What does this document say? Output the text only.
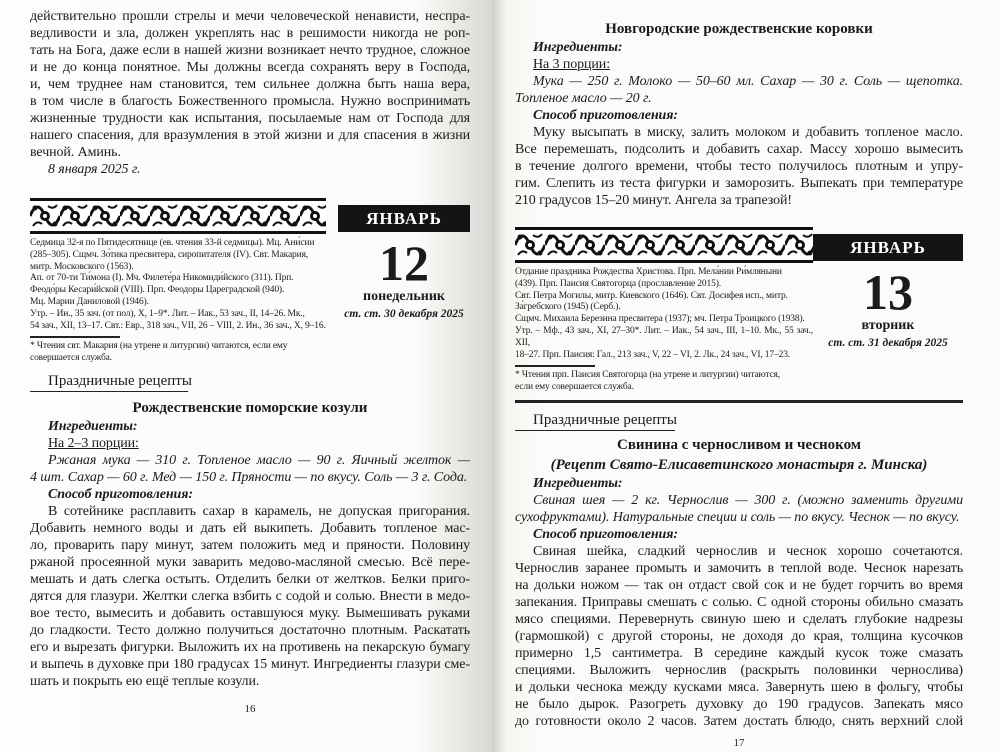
действительно прошли стрелы и мечи человеческой ненависти, неспра-
ведливости и зла, должен укреплять нас в решимости никогда не роп-
тать на Бога, даже если в нашей жизни возникает нечто трудное, сложное
и не до конца понятное. Мы должны всегда сохранять веру в Господа,
и, чем труднее нам становится, тем сильнее должна быть наша вера,
в том числе в благость Божественного промысла. Нужно воспринимать
жизненные трудности как испытания, посылаемые нам от Господа для
нашего спасения, для вразумления в этой жизни и для спасения в жизни
вечной. Аминь.
8 января 2025 г.
Седмица 32-я по Пятидесятнице (ев. чтения 33-й седмицы). Мц. Ани́сии
(285–305). Сщмч. Зо́тика пресвитера, сиропитателя (IV). Свт. Макария,
митр. Московского (1563).
Ап. от 70-ти Ти́мона (I). Мч. Филете́ра Никомиди́йского (311). Прп.
Феодо́ры Кесари́йской (VIII). Прп. Феодоры Цареградской (940).
Мц. Марии Даниловой (1946).
Утр. – Ин., 35 зач. (от пол), Х, 1–9*. Лит. – Иак., 53 зач., II, 14–26. Мк.,
54 зач., XII, 13–17. Свт.: Евр., 318 зач., VII, 26 – VIII, 2. Ин., 36 зач., Х, 9–16.
* Чтения свт. Макария (на утрене и литургии) читаются, если ему
совершается служба.
ЯНВАРЬ
12
понедельник
ст. ст. 30 декабря 2025
Праздничные рецепты
Рождественские поморские козули
Ингредиенты:
На 2–3 порции:
Ржаная мука — 310 г. Топленое масло — 90 г. Яичный желток —
4 шт. Сахар — 60 г. Мед — 150 г. Пряности — по вкусу. Соль — 3 г. Сода.
Способ приготовления:
В сотейнике расплавить сахар в карамель, не допуская пригорания.
Добавить немного воды и дать ей выкипеть. Добавить топленое мас-
ло, проварить пару минут, затем положить мед и пряности. Половину
ржаной просеянной муки заварить медово-масляной смесью. Всё пере-
мешать и дать слегка остыть. Отделить белки от желтков. Белки приго-
дятся для глазури. Желтки слегка взбить с содой и солью. Внести в медо-
вое тесто, вымесить и добавить оставшуюся муку. Вымешивать руками
до гладкости. Тесто должно получиться достаточно плотным. Раскатать
его и вырезать фигурки. Выложить их на противень на пекарскую бумагу
и выпечь в духовке при 180 градусах 15 минут. Ингредиенты глазури сме-
шать и покрыть ею ещё теплые козули.
16
Новгородские рождественские коровки
Ингредиенты:
На 3 порции:
Мука — 250 г. Молоко — 50–60 мл. Сахар — 30 г. Соль — щепотка.
Топленое масло — 20 г.
Способ приготовления:
Муку высыпать в миску, залить молоком и добавить топленое масло.
Все перемешать, подсолить и добавить сахар. Массу хорошо вымесить
в течение долгого времени, чтобы тесто получилось плотным и упру-
гим. Слепить из теста фигурки и заморозить. Выпекать при температуре
210 градусов 15–20 минут. Ангела за трапезой!
Отдание праздника Рождества Христова. Прп. Мела́нии Ри́мляныни
(439). Прп. Паисия Святогорца (прославление 2015).
Свт. Петра Могилы, митр. Киевского (1646). Свт. Досифея исп., митр.
За́гребского (1945) (Серб.).
Сщмч. Михаила Березина пресвитера (1937); мч. Петра Троицкого (1938).
Утр. – Мф., 43 зач., XI, 27–30*. Лит. – Иак., 54 зач., III, 1–10. Мк., 55 зач., XII,
18–27. Прп. Паисия: Гал., 213 зач., V, 22 – VI, 2. Лк., 24 зач., VI, 17–23.
* Чтения прп. Паисия Святогорца (на утрене и литургии) читаются,
если ему совершается служба.
ЯНВАРЬ
13
вторник
ст. ст. 31 декабря 2025
Праздничные рецепты
Свинина с черносливом и чесноком
(Рецепт Свято-Елисаветинского монастыря г. Минска)
Ингредиенты:
Свиная шея — 2 кг. Чернослив — 300 г. (можно заменить другими
сухофруктами). Натуральные специи и соль — по вкусу. Чеснок — по вкусу.
Способ приготовления:
Свиная шейка, сладкий чернослив и чеснок хорошо сочетаются.
Чернослив заранее промыть и замочить в теплой воде. Чеснок нарезать
на дольки ножом — так он отдаст свой сок и не будет горчить во время
запекания. Приправы смешать с солью. С одной стороны обильно смазать
мясо специями. Перевернуть свиную шею и сделать глубокие надрезы
(гармошкой) с другой стороны, не доходя до края, толщина кусочков
примерно 1,5 сантиметра. В середине каждый кусок тоже смазать
специями. Выложить чернослив (раскрыть половинки чернослива)
и дольки чеснока между кусками мяса. Завернуть шею в фольгу, чтобы
не было дырок. Разогреть духовку до 190 градусов. Запекать мясо
до готовности около 2 часов. Затем достать блюдо, снять верхний слой
17
